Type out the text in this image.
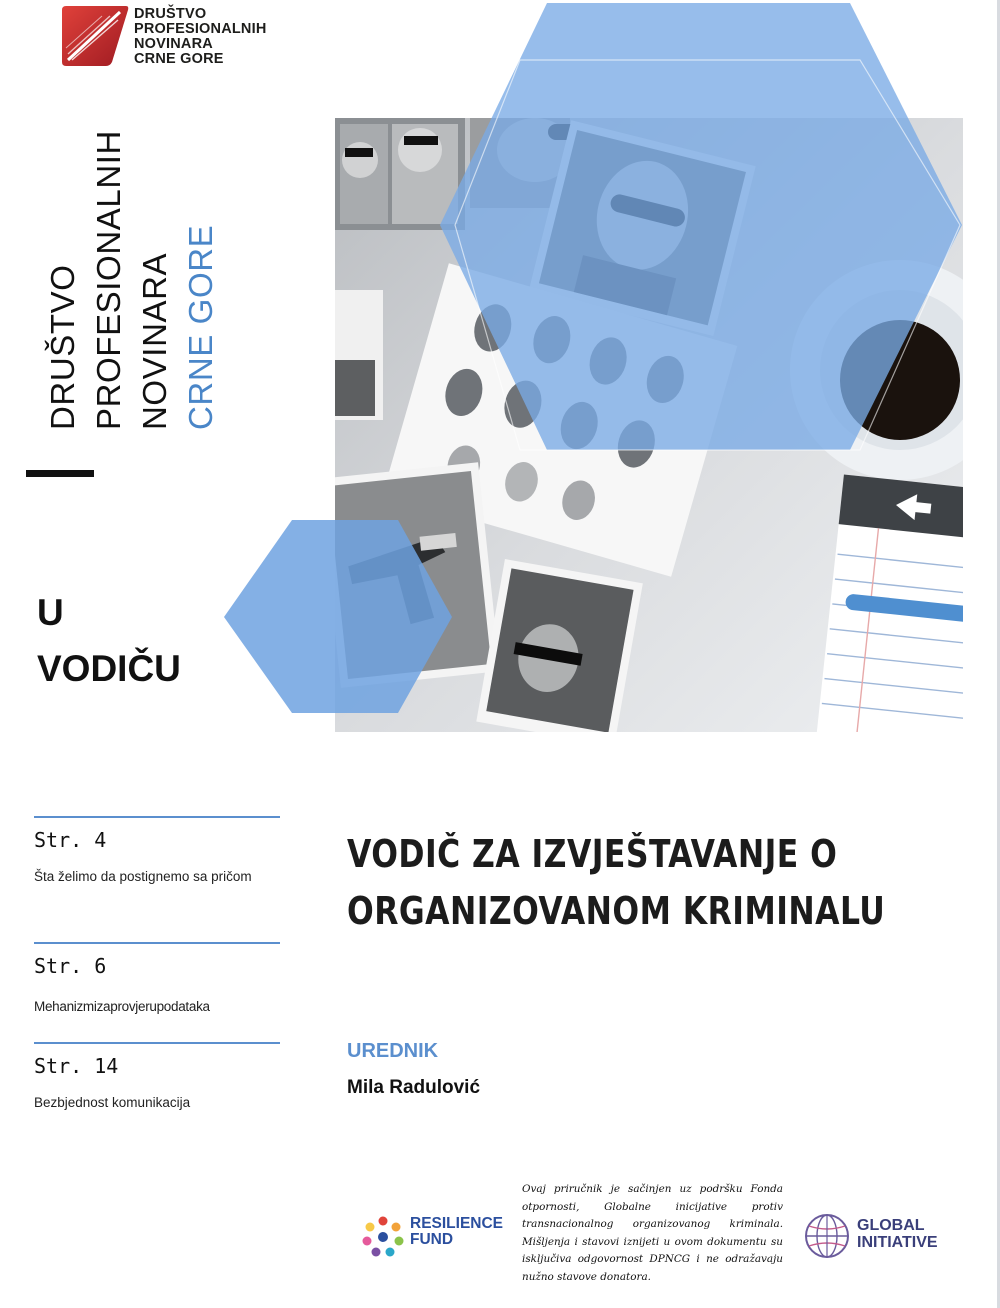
DRUŠTVO
PROFESIONALNIH
NOVINARA
CRNE GORE
DRUŠTVO PROFESIONALNIH NOVINARA CRNE GORE
U VODIČU
Str. 4
Šta želimo da postignemo sa pričom
Str. 6
Mehanizmizaprovjerupodataka
Str. 14
Bezbjednost komunikacija
VODIČ ZA IZVJEŠTAVANJE O ORGANIZOVANOM KRIMINALU
UREDNIK
Mila Radulović
RESILIENCE
FUND
Ovaj priručnik je sačinjen uz podršku Fonda otpornosti, Globalne inicijative protiv transnacionalnog organizovanog kriminala. Mišljenja i stavovi iznijeti u ovom dokumentu su isključiva odgovornost DPNCG i ne odražavaju nužno stavove donatora.
GLOBAL
INITIATIVE
